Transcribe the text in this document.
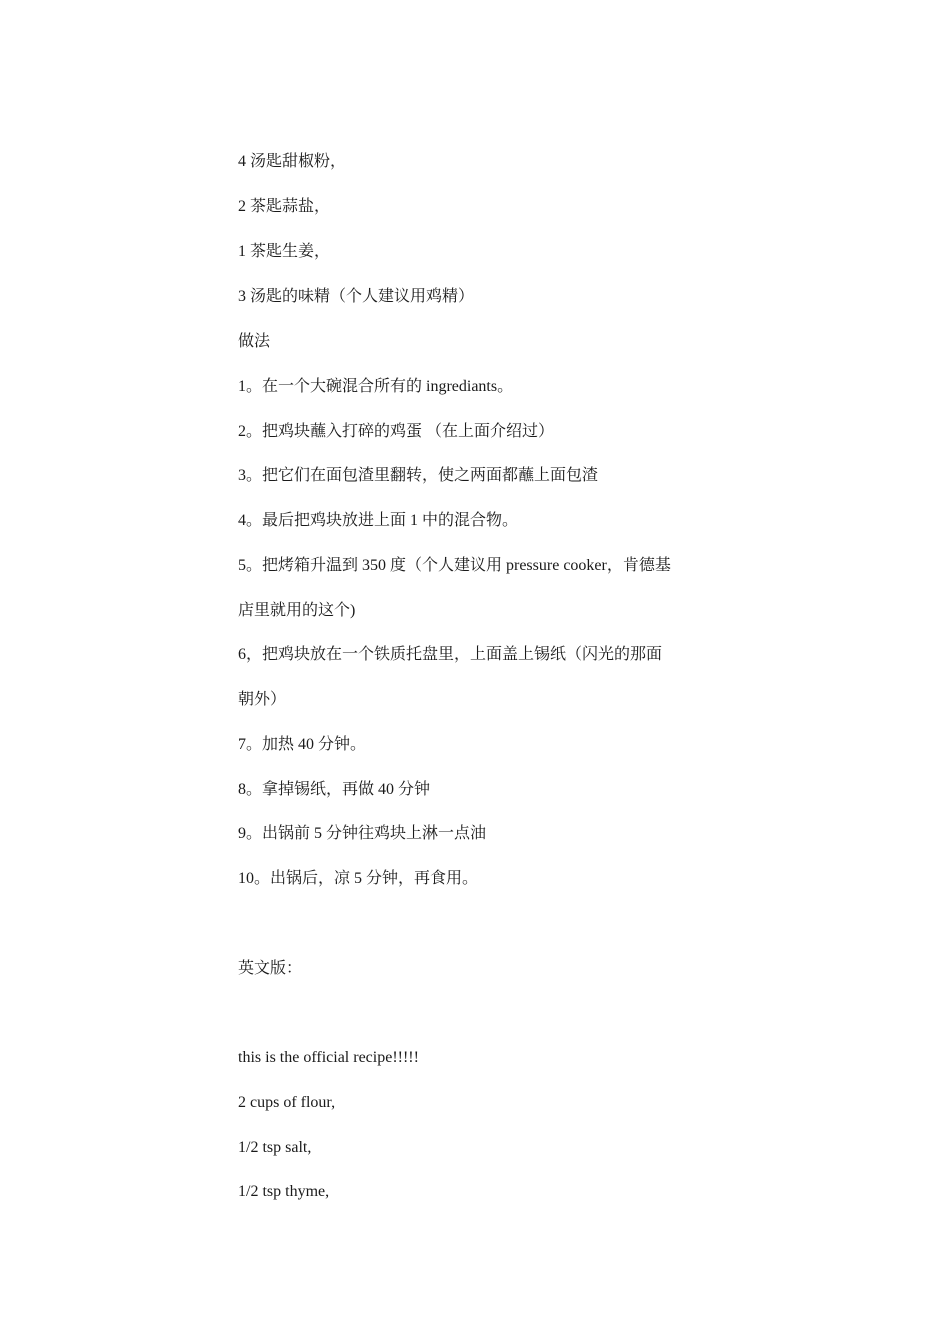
4 汤匙甜椒粉，
2 茶匙蒜盐，
1 茶匙生姜，
3 汤匙的味精（个人建议用鸡精）
做法
1。在一个大碗混合所有的 ingrediants。
2。把鸡块蘸入打碎的鸡蛋 （在上面介绍过）
3。把它们在面包渣里翻转，使之两面都蘸上面包渣
4。最后把鸡块放进上面 1 中的混合物。
5。把烤箱升温到 350 度（个人建议用 pressure cooker，肯德基
店里就用的这个)
6，把鸡块放在一个铁质托盘里，上面盖上锡纸（闪光的那面
朝外）
7。加热 40 分钟。
8。拿掉锡纸，再做 40 分钟
9。出锅前 5 分钟往鸡块上淋一点油
10。出锅后，凉 5 分钟，再食用。
英文版：
this is the official recipe!!!!!
2 cups of flour,
1/2 tsp salt,
1/2 tsp thyme,
